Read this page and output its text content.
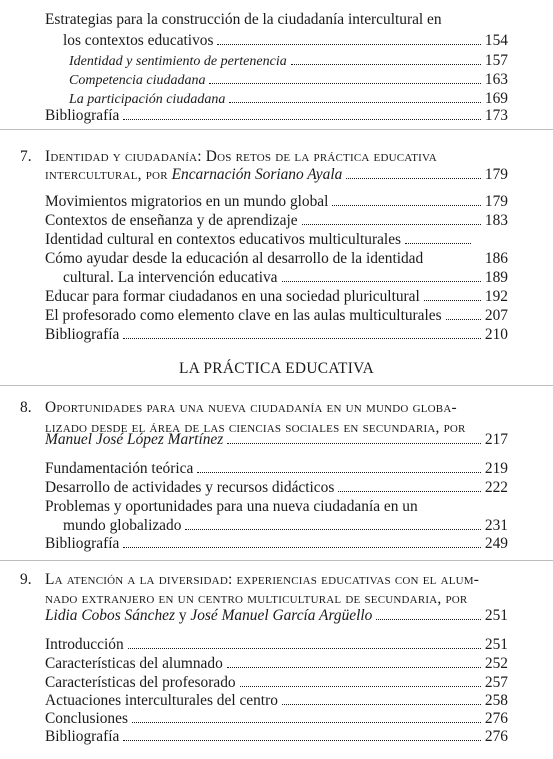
Estrategias para la construcción de la ciudadanía intercultural en
los contextos educativos	154
Identidad y sentimiento de pertenencia	157
Competencia ciudadana	163
La participación ciudadana	169
Bibliografía	173
7. Identidad y ciudadanía: Dos retos de la práctica educativa
intercultural, por Encarnación Soriano Ayala	179
Movimientos migratorios en un mundo global	179
Contextos de enseñanza y de aprendizaje	183
Identidad cultural en contextos educativos multiculturales
Cómo ayudar desde la educación al desarrollo de la identidad	186
cultural. La intervención educativa	189
Educar para formar ciudadanos en una sociedad pluricultural	192
El profesorado como elemento clave en las aulas multiculturales	207
Bibliografía	210
LA PRÁCTICA EDUCATIVA
8. Oportunidades para una nueva ciudadanía en un mundo globa-
lizado desde el área de las ciencias sociales en secundaria, por
Manuel José López Martínez	217
Fundamentación teórica	219
Desarrollo de actividades y recursos didácticos	222
Problemas y oportunidades para una nueva ciudadanía en un
mundo globalizado	231
Bibliografía	249
9. La atención a la diversidad: experiencias educativas con el alum-
nado extranjero en un centro multicultural de secundaria, por
Lidia Cobos Sánchez y José Manuel García Argüello	251
Introducción	251
Características del alumnado	252
Características del profesorado	257
Actuaciones interculturales del centro	258
Conclusiones	276
Bibliografía	276
